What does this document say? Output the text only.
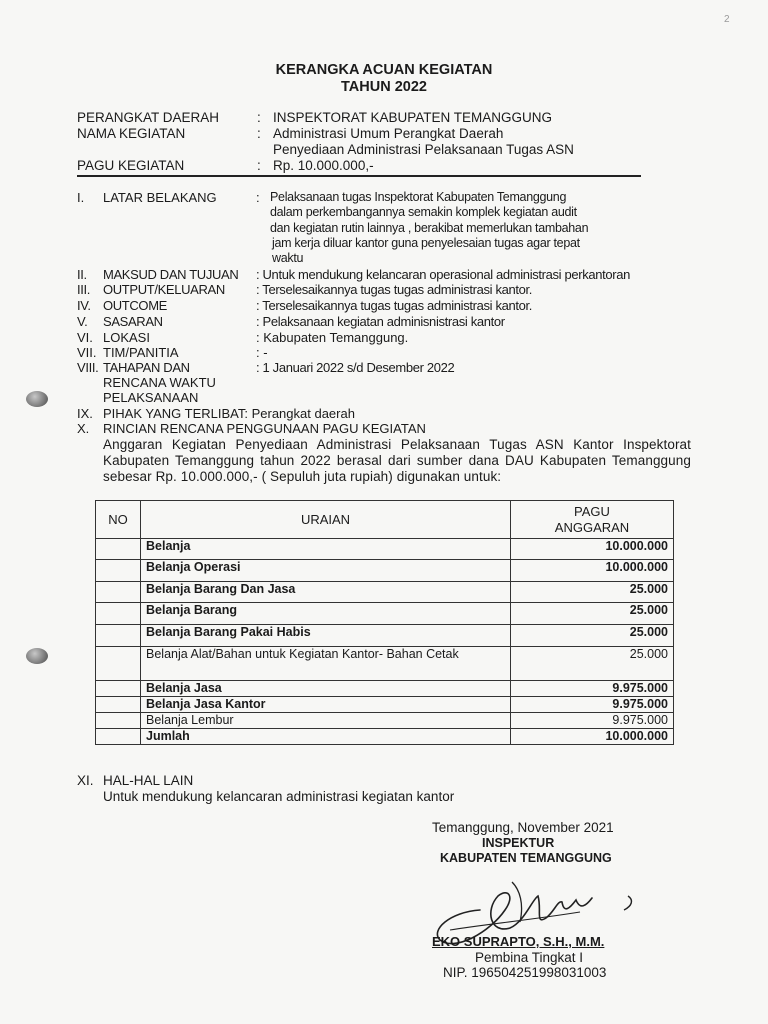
2
KERANGKA ACUAN KEGIATAN
TAHUN 2022
PERANGKAT DAERAH	: INSPEKTORAT KABUPATEN TEMANGGUNG
NAMA KEGIATAN	: Administrasi Umum Perangkat Daerah
Penyediaan Administrasi Pelaksanaan Tugas ASN
PAGU KEGIATAN	: Rp. 10.000.000,-
I. LATAR BELAKANG	: Pelaksanaan tugas Inspektorat Kabupaten Temanggung
dalam perkembangannya semakin komplek kegiatan audit
dan kegiatan rutin lainnya , berakibat memerlukan tambahan
jam kerja diluar kantor guna penyelesaian tugas agar tepat
waktu
II. MAKSUD DAN TUJUAN : Untuk mendukung kelancaran operasional administrasi perkantoran
III. OUTPUT/KELUARAN : Terselesaikannya tugas tugas administrasi kantor.
IV. OUTCOME	: Terselesaikannya tugas tugas administrasi kantor.
V. SASARAN	: Pelaksanaan kegiatan adminisnistrasi kantor
VI. LOKASI	: Kabupaten Temanggung.
VII. TIM/PANITIA	: -
VIII. TAHAPAN DAN	: 1 Januari 2022 s/d Desember 2022
RENCANA WAKTU
PELAKSANAAN
IX. PIHAK YANG TERLIBAT: Perangkat daerah
X. RINCIAN RENCANA PENGGUNAAN PAGU KEGIATAN
Anggaran Kegiatan Penyediaan Administrasi Pelaksanaan Tugas ASN Kantor Inspektorat Kabupaten Temanggung tahun 2022 berasal dari sumber dana DAU Kabupaten Temanggung sebesar Rp. 10.000.000,- ( Sepuluh juta rupiah) digunakan untuk:
NO	URAIAN	PAGU
ANGGARAN

	Belanja	10.000.000
	Belanja Operasi	10.000.000
	Belanja Barang Dan Jasa	25.000
	Belanja Barang	25.000
	Belanja Barang Pakai Habis	25.000
	Belanja Alat/Bahan untuk Kegiatan Kantor- Bahan Cetak	25.000
	Belanja Jasa	9.975.000
	Belanja Jasa Kantor	9.975.000
	Belanja Lembur	9.975.000
	Jumlah	10.000.000
XI. HAL-HAL LAIN
Untuk mendukung kelancaran administrasi kegiatan kantor
Temanggung, November 2021
INSPEKTUR
KABUPATEN TEMANGGUNG
EKO SUPRAPTO, S.H., M.M.
Pembina Tingkat I
NIP. 196504251998031003
